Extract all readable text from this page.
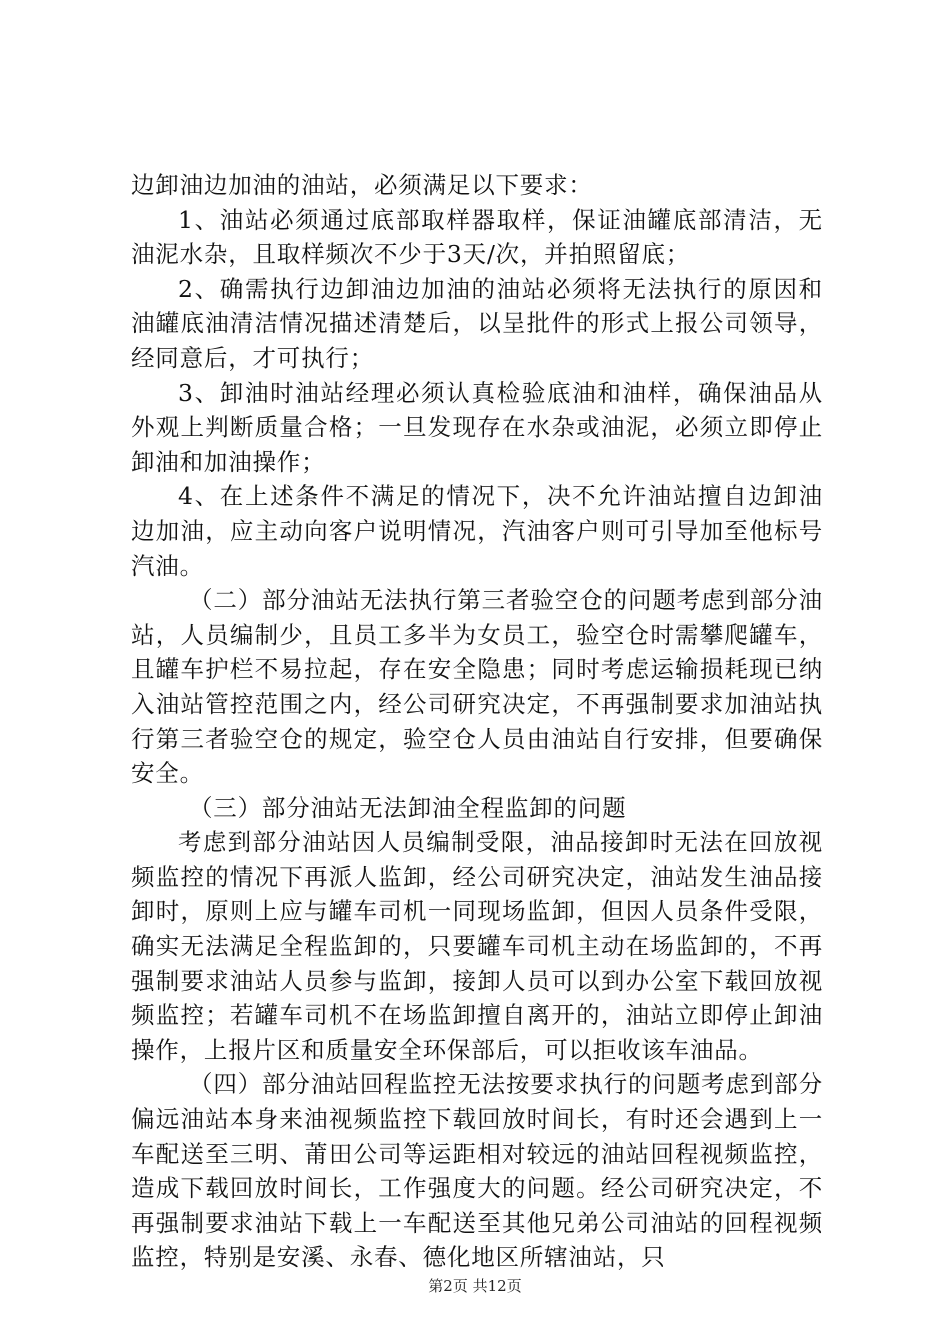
边卸油边加油的油站，必须满足以下要求：

1、油站必须通过底部取样器取样，保证油罐底部清洁，无油泥水杂，且取样频次不少于3天/次，并拍照留底；

2、确需执行边卸油边加油的油站必须将无法执行的原因和油罐底油清洁情况描述清楚后，以呈批件的形式上报公司领导，经同意后，才可执行；

3、卸油时油站经理必须认真检验底油和油样，确保油品从外观上判断质量合格；一旦发现存在水杂或油泥，必须立即停止卸油和加油操作；

4、在上述条件不满足的情况下，决不允许油站擅自边卸油边加油，应主动向客户说明情况，汽油客户则可引导加至他标号汽油。

（二）部分油站无法执行第三者验空仓的问题考虑到部分油站，人员编制少，且员工多半为女员工，验空仓时需攀爬罐车，且罐车护栏不易拉起，存在安全隐患；同时考虑运输损耗现已纳入油站管控范围之内，经公司研究决定，不再强制要求加油站执行第三者验空仓的规定，验空仓人员由油站自行安排，但要确保安全。

（三）部分油站无法卸油全程监卸的问题

考虑到部分油站因人员编制受限，油品接卸时无法在回放视频监控的情况下再派人监卸，经公司研究决定，油站发生油品接卸时，原则上应与罐车司机一同现场监卸，但因人员条件受限，确实无法满足全程监卸的，只要罐车司机主动在场监卸的，不再强制要求油站人员参与监卸，接卸人员可以到办公室下载回放视频监控；若罐车司机不在场监卸擅自离开的，油站立即停止卸油操作，上报片区和质量安全环保部后，可以拒收该车油品。

（四）部分油站回程监控无法按要求执行的问题考虑到部分偏远油站本身来油视频监控下载回放时间长，有时还会遇到上一车配送至三明、莆田公司等运距相对较远的油站回程视频监控，造成下载回放时间长，工作强度大的问题。经公司研究决定，不再强制要求油站下载上一车配送至其他兄弟公司油站的回程视频监控，特别是安溪、永春、德化地区所辖油站，只

第2页 共12页
